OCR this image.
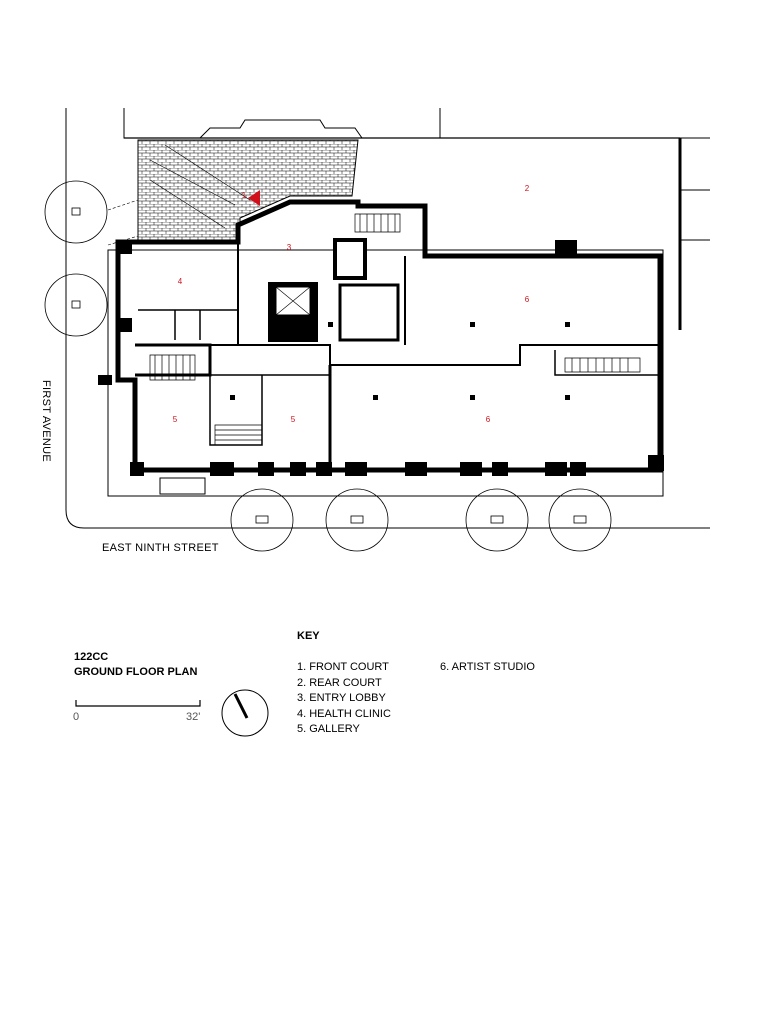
1
2
3
4
5	5
6
6
FIRST AVENUE
EAST NINTH STREET
122CC
GROUND FLOOR PLAN
0	32'
KEY
1. FRONT COURT
2. REAR COURT
3. ENTRY LOBBY
4. HEALTH CLINIC
5. GALLERY
6. ARTIST STUDIO
